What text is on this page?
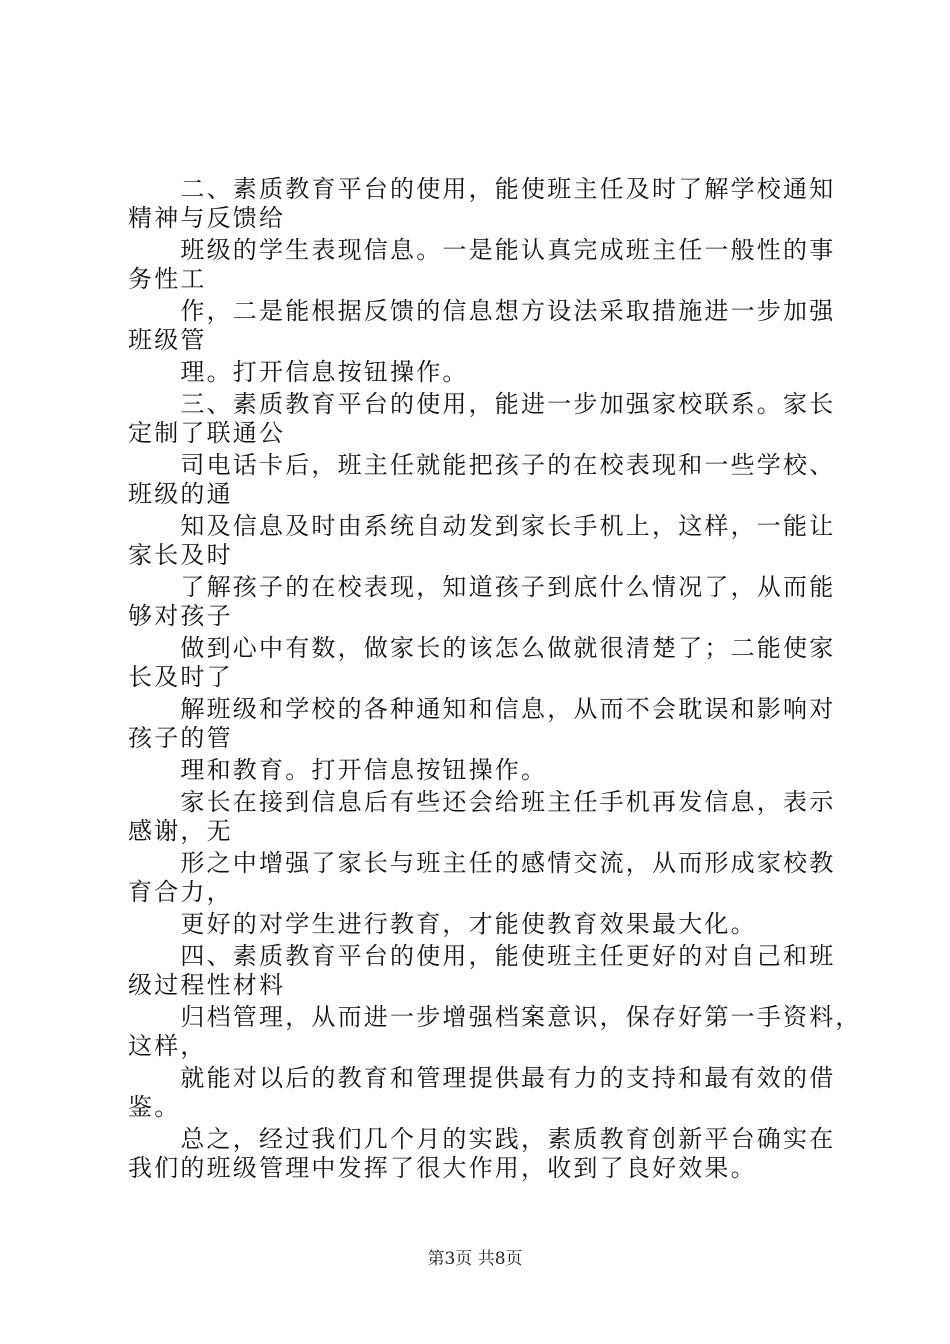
　　二、素质教育平台的使用，能使班主任及时了解学校通知
精神与反馈给
　　班级的学生表现信息。一是能认真完成班主任一般性的事
务性工
　　作，二是能根据反馈的信息想方设法采取措施进一步加强
班级管
　　理。打开信息按钮操作。
　　三、素质教育平台的使用，能进一步加强家校联系。家长
定制了联通公
　　司电话卡后，班主任就能把孩子的在校表现和一些学校、
班级的通
　　知及信息及时由系统自动发到家长手机上，这样，一能让
家长及时
　　了解孩子的在校表现，知道孩子到底什么情况了，从而能
够对孩子
　　做到心中有数，做家长的该怎么做就很清楚了；二能使家
长及时了
　　解班级和学校的各种通知和信息，从而不会耽误和影响对
孩子的管
　　理和教育。打开信息按钮操作。
　　家长在接到信息后有些还会给班主任手机再发信息，表示
感谢，无
　　形之中增强了家长与班主任的感情交流，从而形成家校教
育合力，
　　更好的对学生进行教育，才能使教育效果最大化。
　　四、素质教育平台的使用，能使班主任更好的对自己和班
级过程性材料
　　归档管理，从而进一步增强档案意识，保存好第一手资料，
这样，
　　就能对以后的教育和管理提供最有力的支持和最有效的借
鉴。
　　总之，经过我们几个月的实践，素质教育创新平台确实在
我们的班级管理中发挥了很大作用，收到了良好效果。
第3页 共8页
